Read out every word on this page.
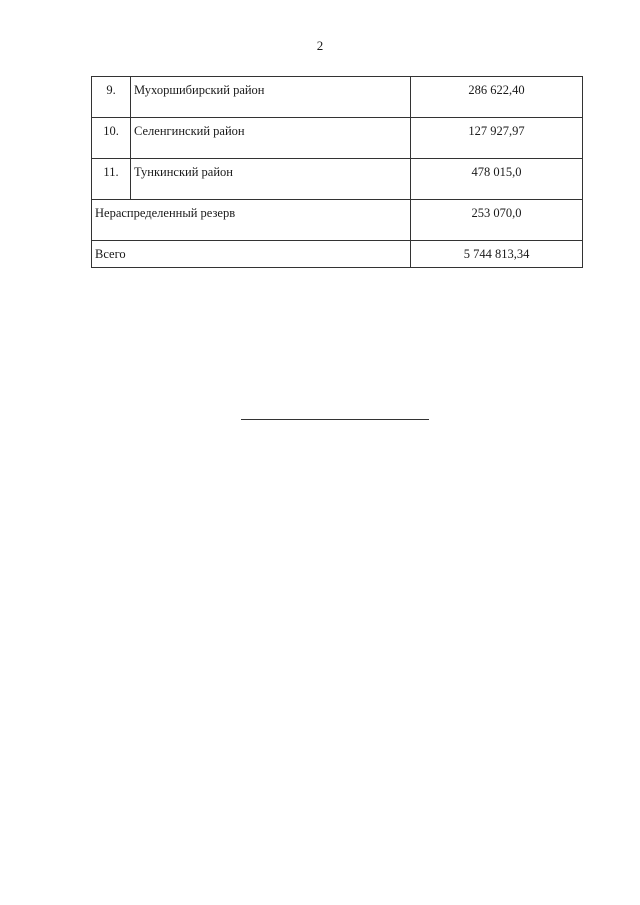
2
9.	Мухоршибирский район	286 622,40
10.	Селенгинский район	127 927,97
11.	Тункинский район	478 015,0
Нераспределенный резерв		253 070,0
Всего		5 744 813,34
